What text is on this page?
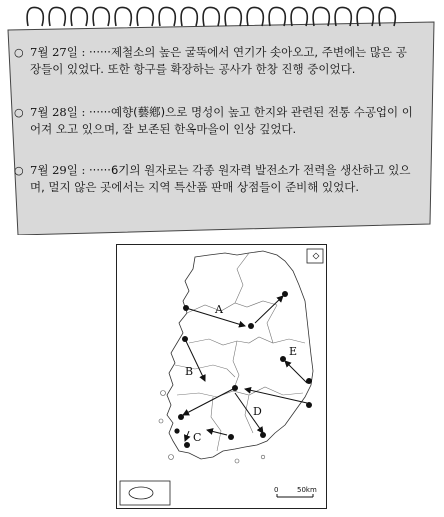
○ 7월 27일 : ······제철소의 높은 굴뚝에서 연기가 솟아오고, 주변에는 많은 공장들이 있었다. 또한 항구를 확장하는 공사가 한창 진행 중이었다.
○ 7월 28일 : ······예향(藝鄕)으로 명성이 높고 한지와 관련된 전통 수공업이 이어져 오고 있으며, 잘 보존된 한옥마을이 인상 깊었다.
○ 7월 29일 : ······6기의 원자로는 각종 원자력 발전소가 전력을 생산하고 있으며, 멀지 않은 곳에서는 지역 특산품 판매 상점들이 준비해 있었다.
A
B
C
D
E
0	50km
